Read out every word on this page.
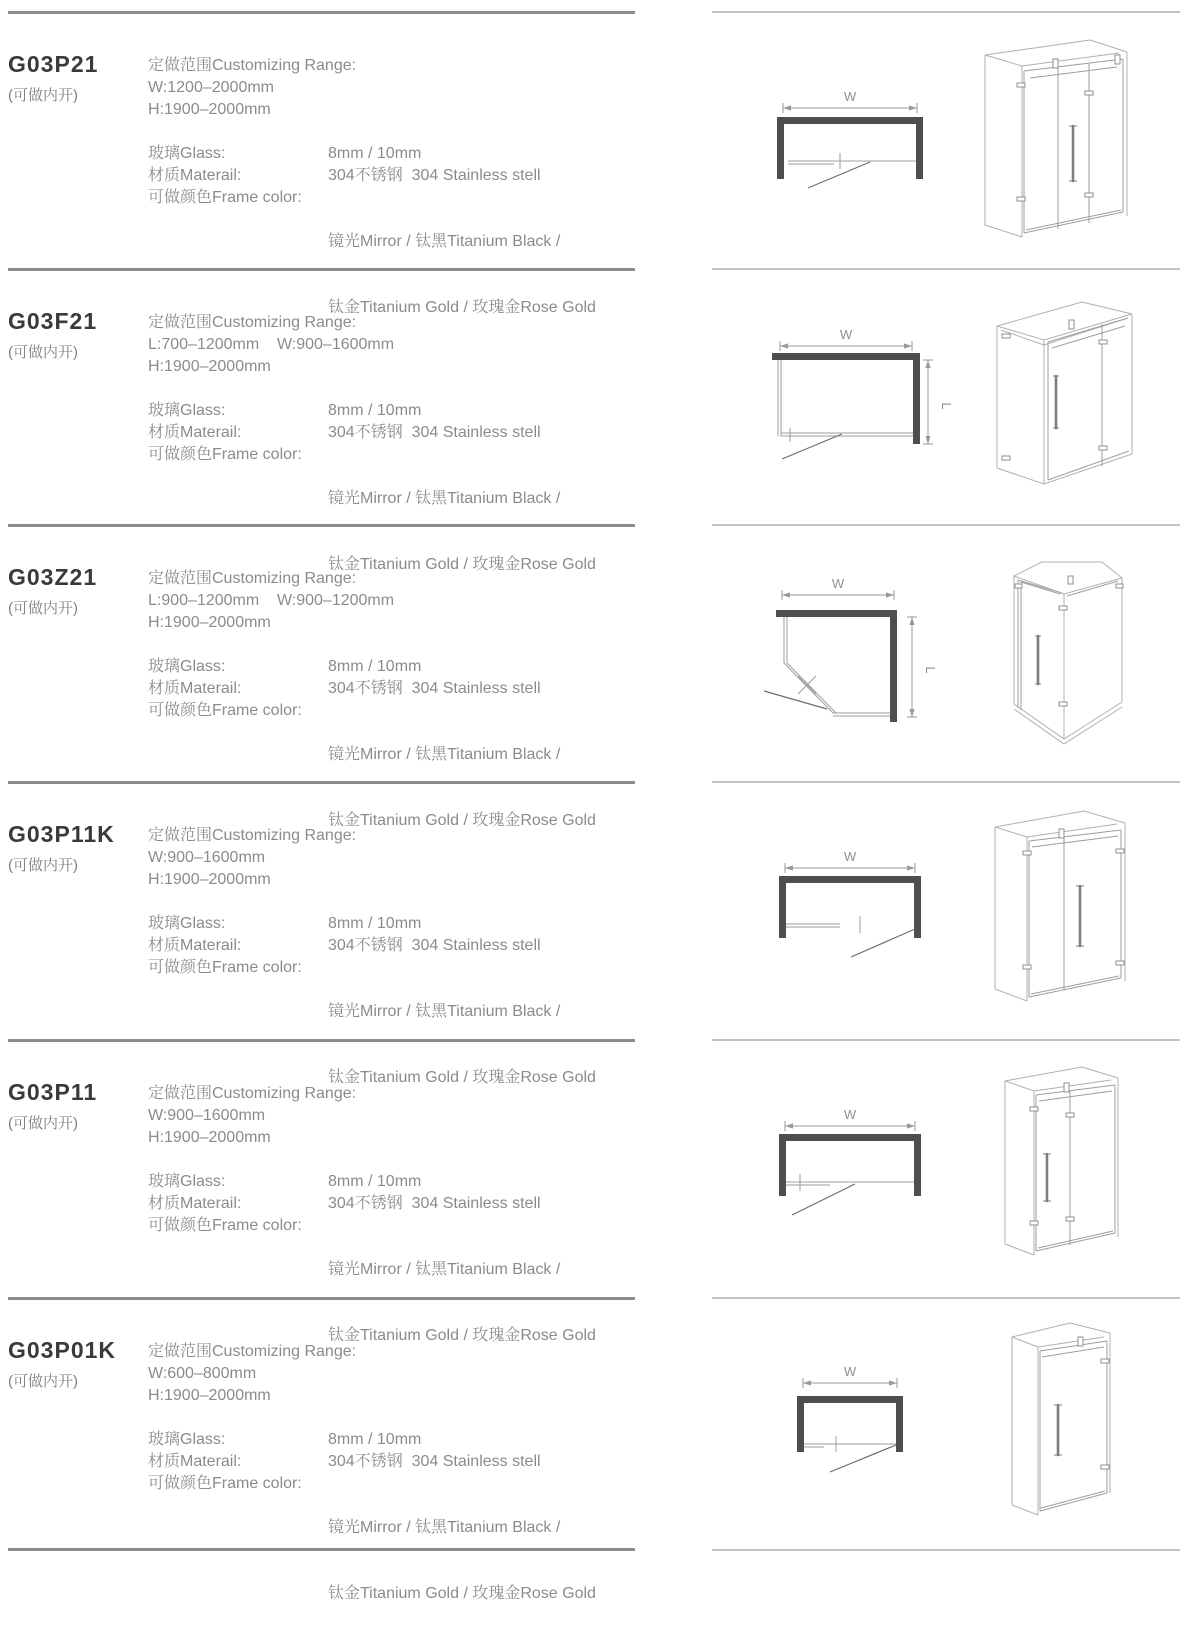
G03P21
(可做内开)
定做范围Customizing Range:
W:1200–2000mm
H:1900–2000mm
玻璃Glass:	8mm / 10mm
材质Materail:	304不锈钢  304 Stainless stell
可做颜色Frame color:

镜光Mirror / 钛黑Titanium Black /

钛金Titanium Gold / 玫瑰金Rose Gold

W
G03F21
(可做内开)
定做范围Customizing Range:
L:700–1200mm    W:900–1600mm
H:1900–2000mm
玻璃Glass:	8mm / 10mm
材质Materail:	304不锈钢  304 Stainless stell
可做颜色Frame color:

镜光Mirror / 钛黑Titanium Black /

钛金Titanium Gold / 玫瑰金Rose Gold

W
L
G03Z21
(可做内开)
定做范围Customizing Range:
L:900–1200mm    W:900–1200mm
H:1900–2000mm
玻璃Glass:	8mm / 10mm
材质Materail:	304不锈钢  304 Stainless stell
可做颜色Frame color:

镜光Mirror / 钛黑Titanium Black /

钛金Titanium Gold / 玫瑰金Rose Gold

W
L
G03P11K
(可做内开)
定做范围Customizing Range:
W:900–1600mm
H:1900–2000mm
玻璃Glass:	8mm / 10mm
材质Materail:	304不锈钢  304 Stainless stell
可做颜色Frame color:

镜光Mirror / 钛黑Titanium Black /

钛金Titanium Gold / 玫瑰金Rose Gold

W
G03P11
(可做内开)
定做范围Customizing Range:
W:900–1600mm
H:1900–2000mm
玻璃Glass:	8mm / 10mm
材质Materail:	304不锈钢  304 Stainless stell
可做颜色Frame color:

镜光Mirror / 钛黑Titanium Black /

钛金Titanium Gold / 玫瑰金Rose Gold

W
G03P01K
(可做内开)
定做范围Customizing Range:
W:600–800mm
H:1900–2000mm
玻璃Glass:	8mm / 10mm
材质Materail:	304不锈钢  304 Stainless stell
可做颜色Frame color:

镜光Mirror / 钛黑Titanium Black /

钛金Titanium Gold / 玫瑰金Rose Gold

W
